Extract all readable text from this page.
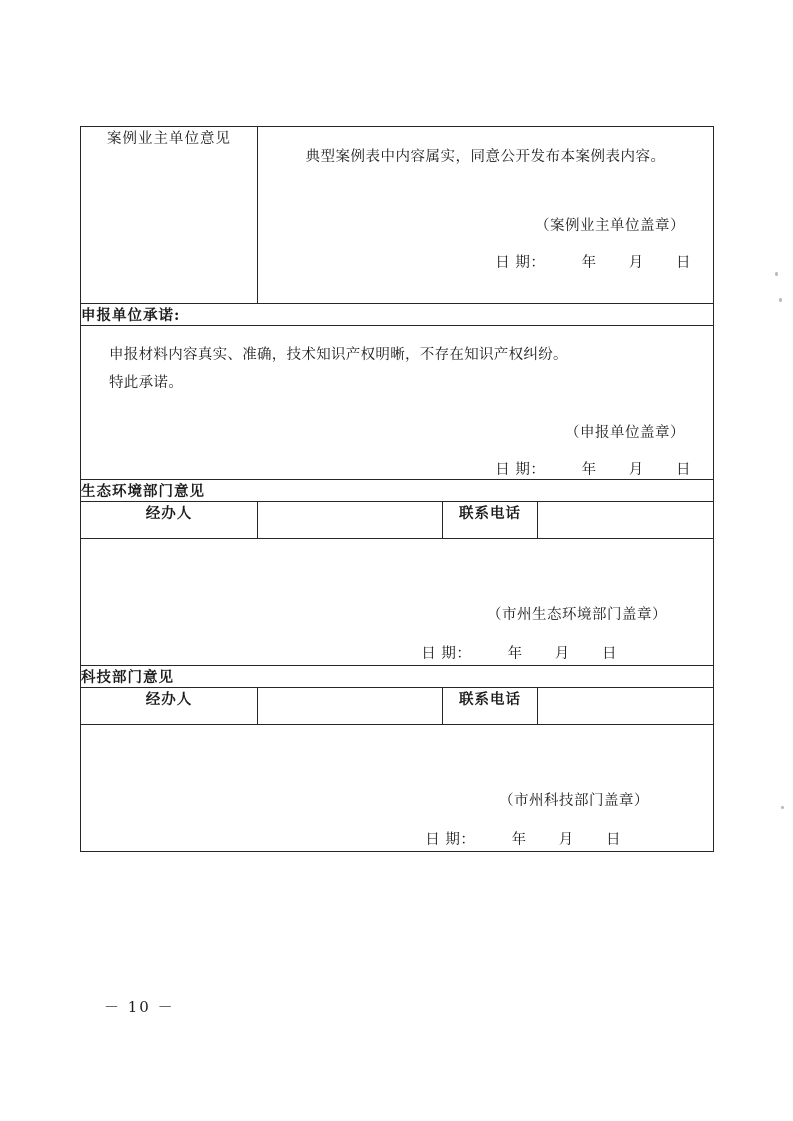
案例业主单位意见	典型案例表中内容属实，同意公开发布本案例表内容。
（案例业主单位盖章）
日 期： 年 月 日		

申报单位承诺:			

申报材料内容真实、准确，技术知识产权明晰，不存在知识产权纠纷。
特此承诺。
（申报单位盖章）
日 期： 年 月 日			

生态环境部门意见			
经办人		联系电话	

（市州生态环境部门盖章）
日 期： 年 月 日			

科技部门意见			
经办人		联系电话	

（市州科技部门盖章）
日 期： 年 月 日			
－ 10 －
